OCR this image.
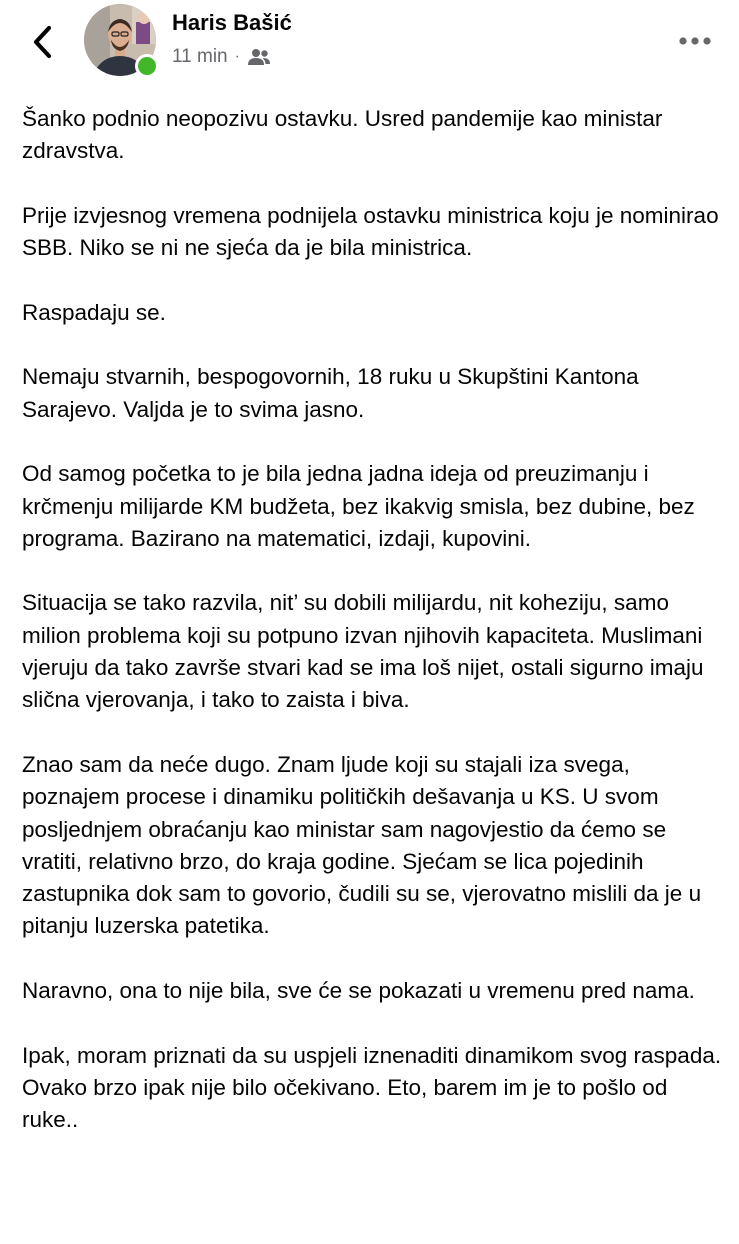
Haris Bašić
11 min ·

Šanko podnio neopozivu ostavku. Usred pandemije kao ministar zdravstva.

Prije izvjesnog vremena podnijela ostavku ministrica koju je nominirao SBB. Niko se ni ne sjeća da je bila ministrica.

Raspadaju se.

Nemaju stvarnih, bespogovornih, 18 ruku u Skupštini Kantona Sarajevo. Valjda je to svima jasno.

Od samog početka to je bila jedna jadna ideja od preuzimanju i krčmenju milijarde KM budžeta, bez ikakvig smisla, bez dubine, bez programa. Bazirano na matematici, izdaji, kupovini.

Situacija se tako razvila, nit’ su dobili milijardu, nit koheziju, samo milion problema koji su potpuno izvan njihovih kapaciteta. Muslimani vjeruju da tako završe stvari kad se ima loš nijet, ostali sigurno imaju slična vjerovanja, i tako to zaista i biva.

Znao sam da neće dugo. Znam ljude koji su stajali iza svega, poznajem procese i dinamiku političkih dešavanja u KS. U svom posljednjem obraćanju kao ministar sam nagovjestio da ćemo se vratiti, relativno brzo, do kraja godine. Sjećam se lica pojedinih zastupnika dok sam to govorio, čudili su se, vjerovatno mislili da je u pitanju luzerska patetika.

Naravno, ona to nije bila, sve će se pokazati u vremenu pred nama.

Ipak, moram priznati da su uspjeli iznenaditi dinamikom svog raspada. Ovako brzo ipak nije bilo očekivano. Eto, barem im je to pošlo od ruke..
